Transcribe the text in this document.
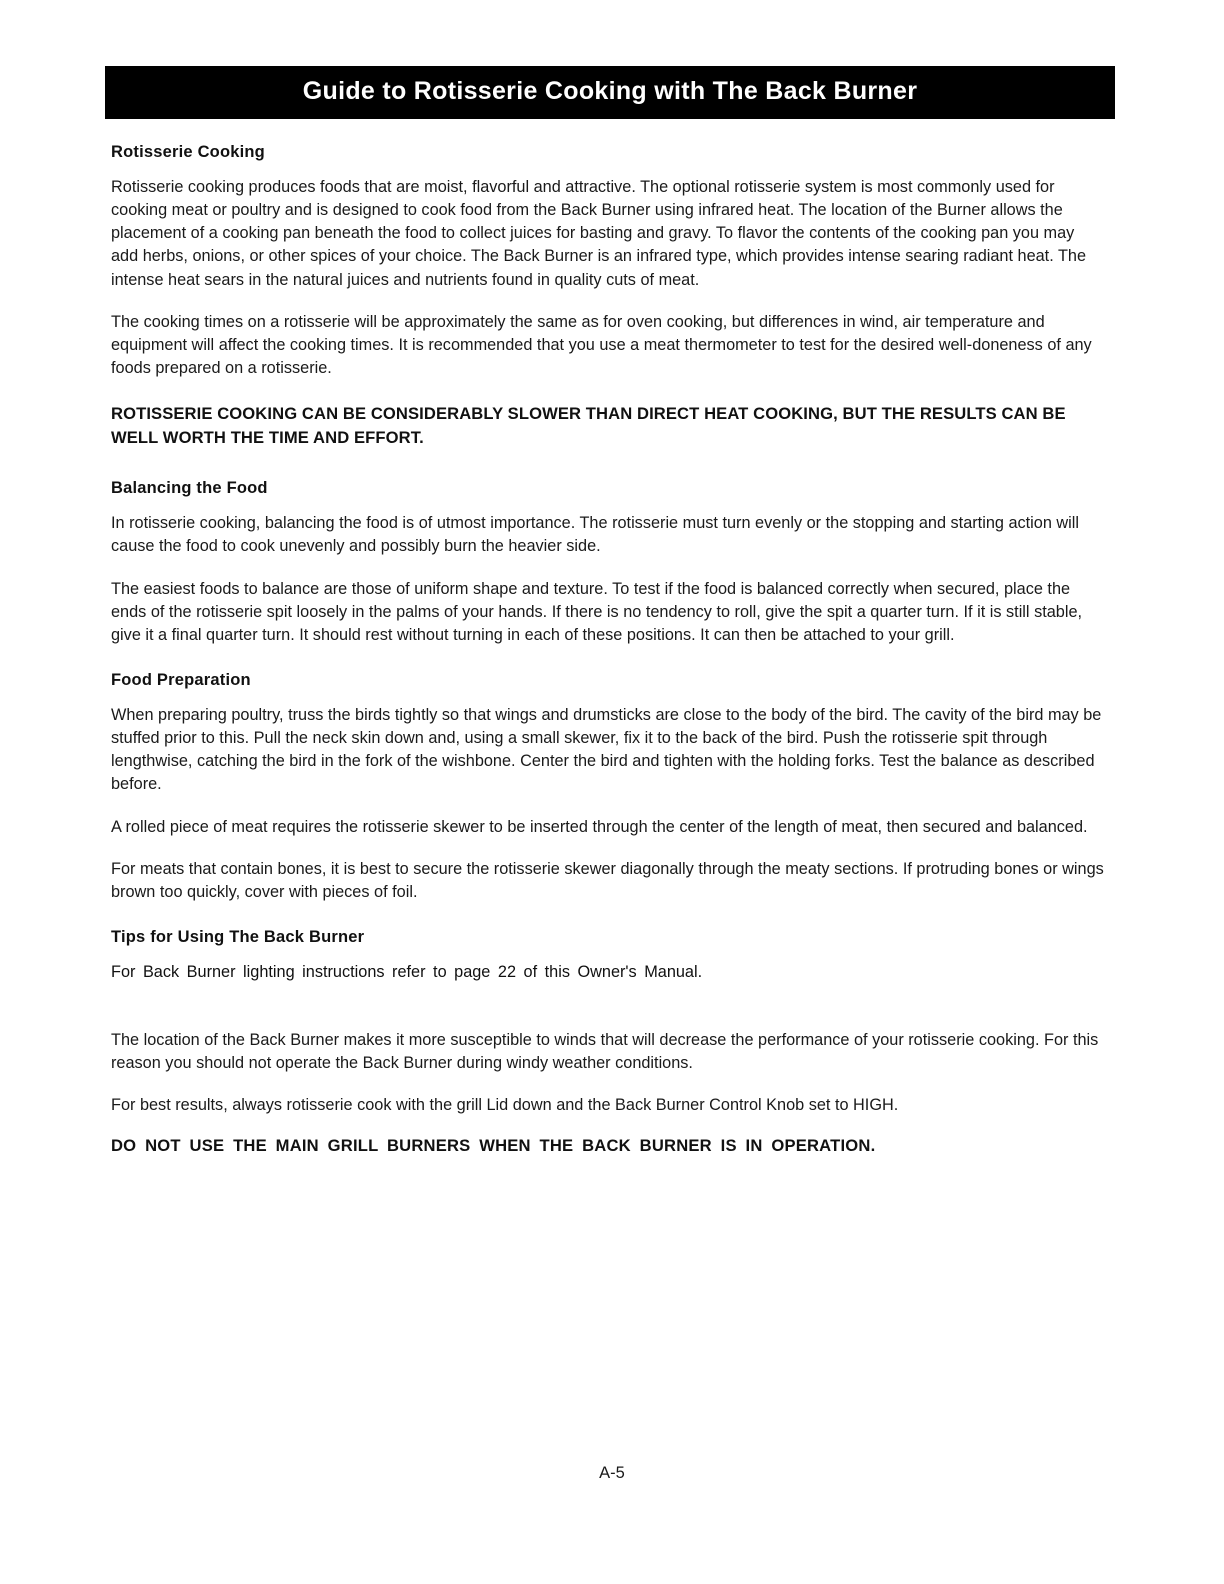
Guide to Rotisserie Cooking with The Back Burner
Rotisserie Cooking

Rotisserie cooking produces foods that are moist, flavorful and attractive. The optional rotisserie system is most commonly used for cooking meat or poultry and is designed to cook food from the Back Burner using infrared heat. The location of the Burner allows the placement of a cooking pan beneath the food to collect juices for basting and gravy. To flavor the contents of the cooking pan you may add herbs, onions, or other spices of your choice. The Back Burner is an infrared type, which provides intense searing radiant heat. The intense heat sears in the natural juices and nutrients found in quality cuts of meat.

The cooking times on a rotisserie will be approximately the same as for oven cooking, but differences in wind, air temperature and equipment will affect the cooking times. It is recommended that you use a meat thermometer to test for the desired well-doneness of any foods prepared on a rotisserie.

ROTISSERIE COOKING CAN BE CONSIDERABLY SLOWER THAN DIRECT HEAT COOKING, BUT THE RESULTS CAN BE WELL WORTH THE TIME AND EFFORT.

Balancing the Food

In rotisserie cooking, balancing the food is of utmost importance. The rotisserie must turn evenly or the stopping and starting action will cause the food to cook unevenly and possibly burn the heavier side.

The easiest foods to balance are those of uniform shape and texture. To test if the food is balanced correctly when secured, place the ends of the rotisserie spit loosely in the palms of your hands. If there is no tendency to roll, give the spit a quarter turn. If it is still stable, give it a final quarter turn. It should rest without turning in each of these positions. It can then be attached to your grill.

Food Preparation

When preparing poultry, truss the birds tightly so that wings and drumsticks are close to the body of the bird. The cavity of the bird may be stuffed prior to this. Pull the neck skin down and, using a small skewer, fix it to the back of the bird. Push the rotisserie spit through lengthwise, catching the bird in the fork of the wishbone. Center the bird and tighten with the holding forks. Test the balance as described before.

A rolled piece of meat requires the rotisserie skewer to be inserted through the center of the length of meat, then secured and balanced.

For meats that contain bones, it is best to secure the rotisserie skewer diagonally through the meaty sections. If protruding bones or wings brown too quickly, cover with pieces of foil.

Tips for Using The Back Burner

For Back Burner lighting instructions refer to page 22 of this Owner's Manual.

The location of the Back Burner makes it more susceptible to winds that will decrease the performance of your rotisserie cooking. For this reason you should not operate the Back Burner during windy weather conditions.

For best results, always rotisserie cook with the grill Lid down and the Back Burner Control Knob set to HIGH.

DO NOT USE THE MAIN GRILL BURNERS WHEN THE BACK BURNER IS IN OPERATION.

A-5
